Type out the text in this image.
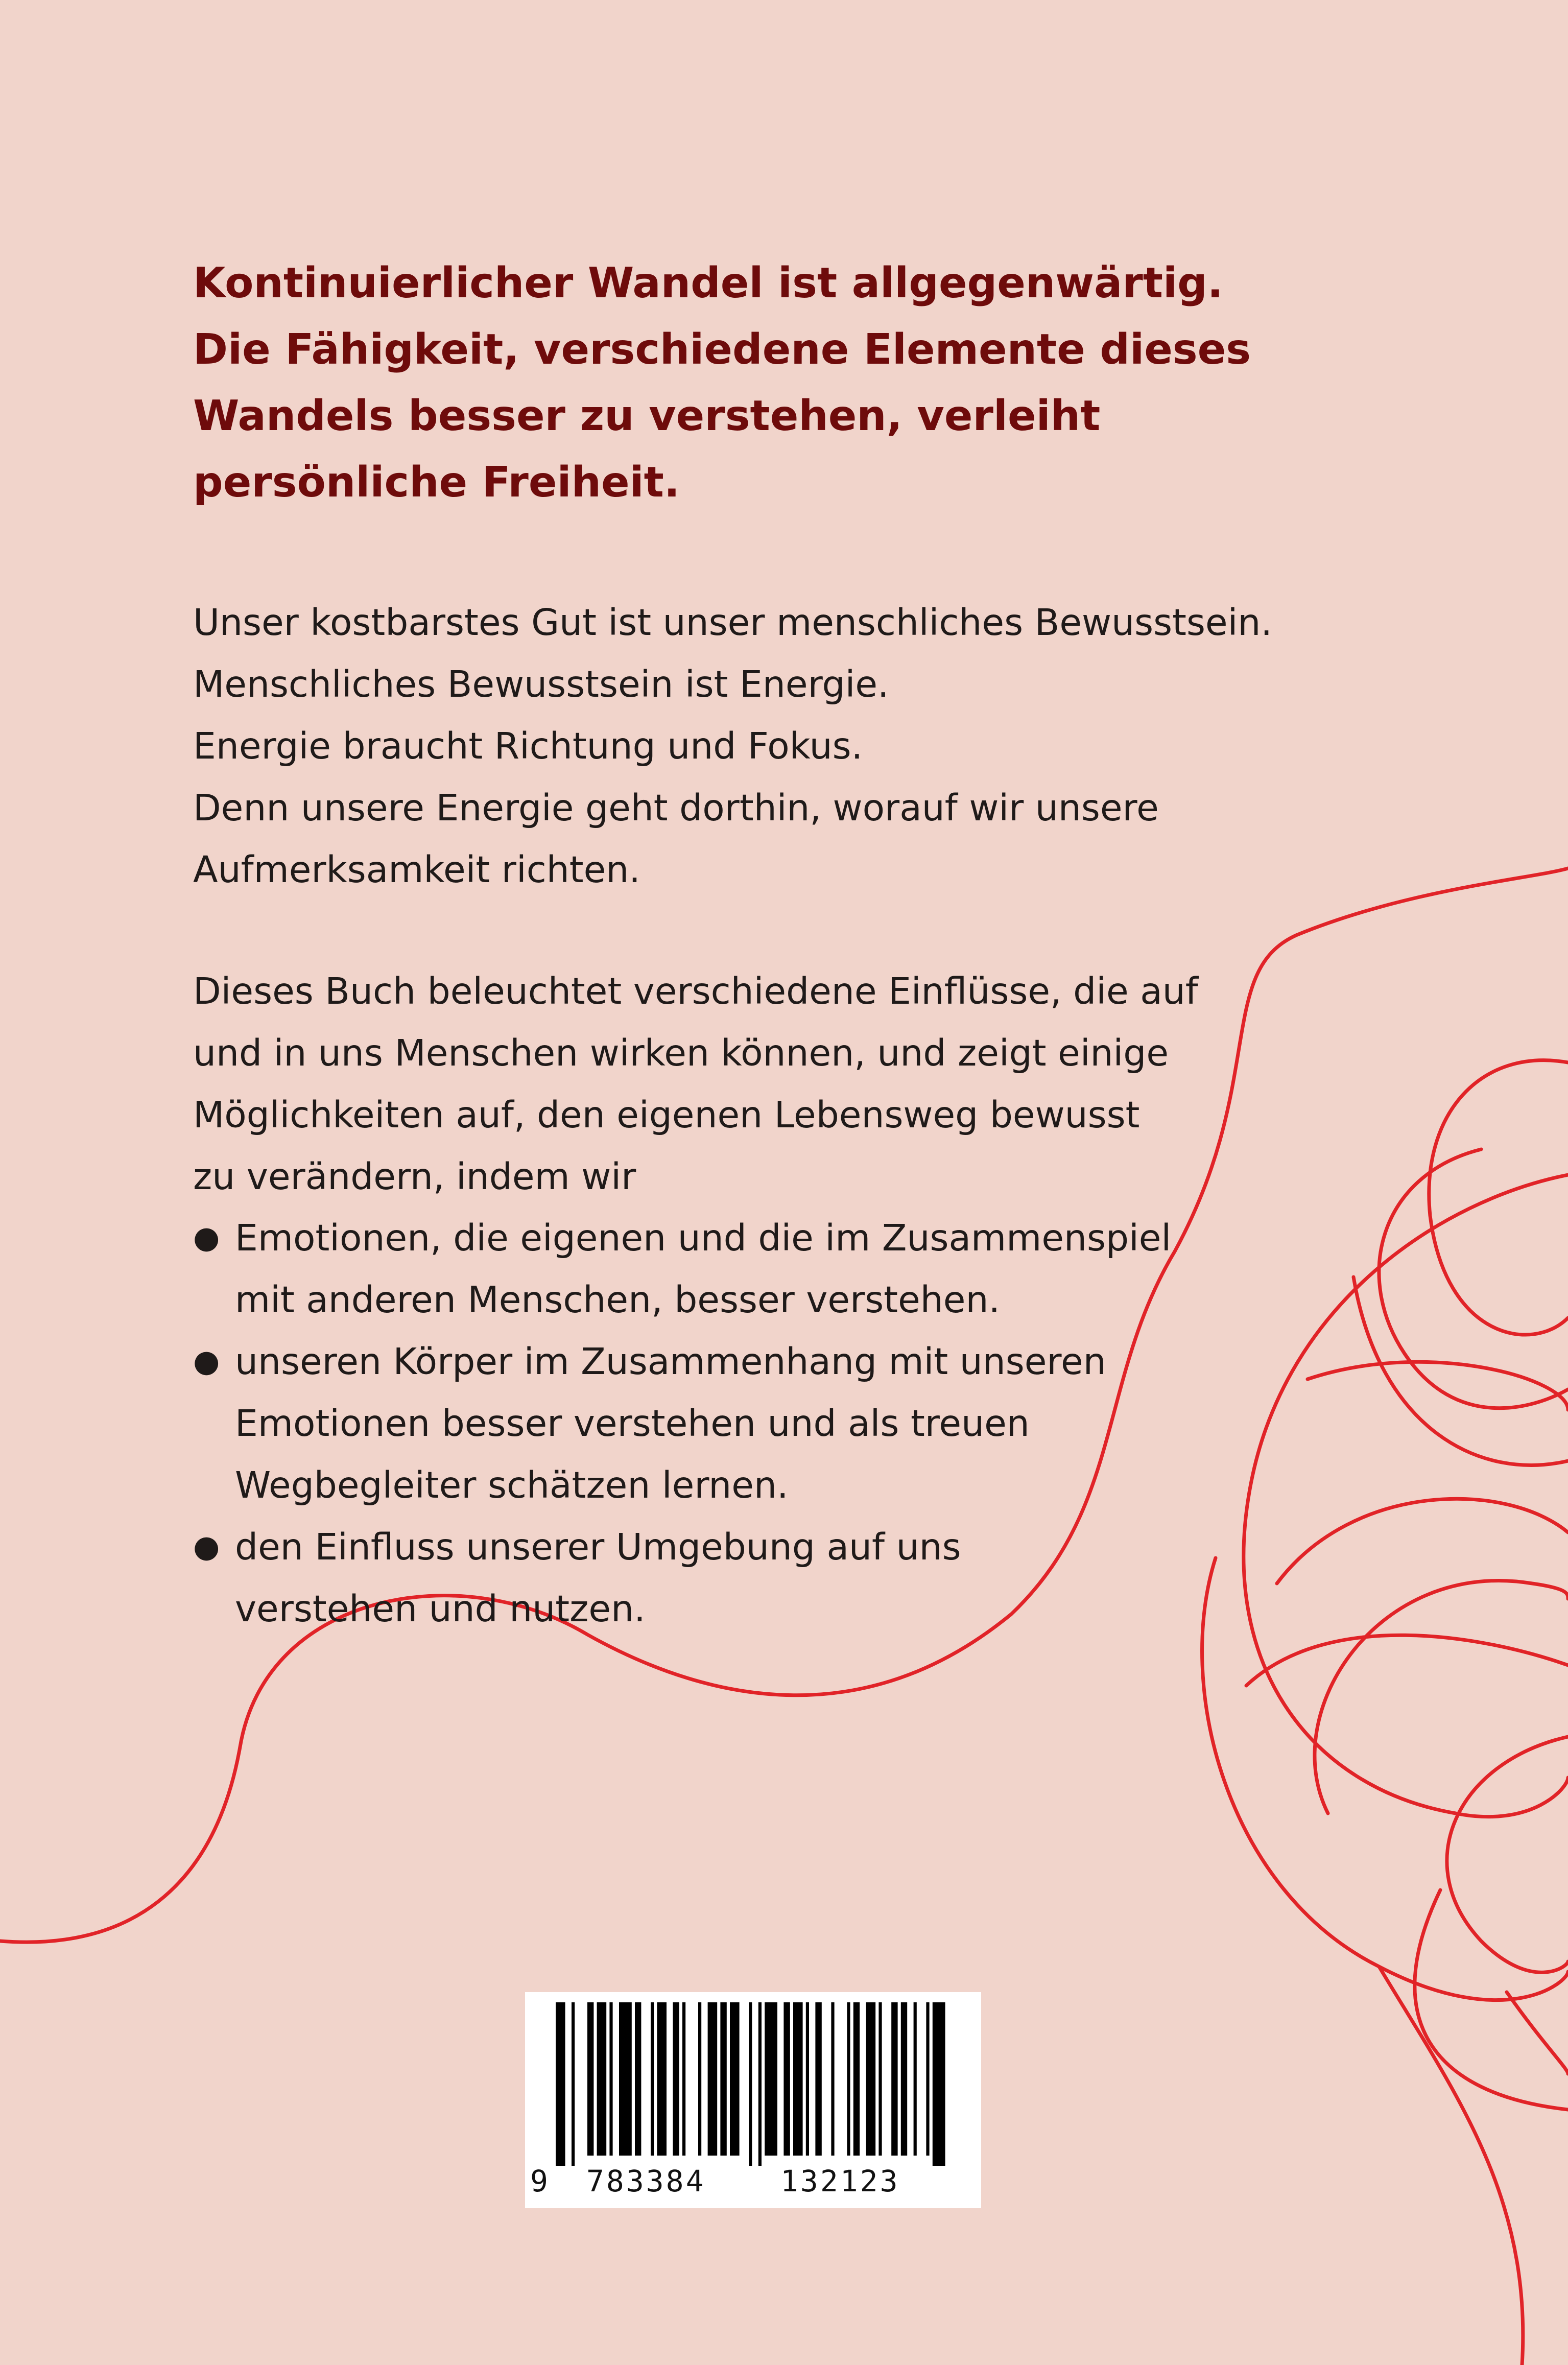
Kontinuierlicher Wandel ist allgegenwärtig.
Die Fähigkeit, verschiedene Elemente dieses
Wandels besser zu verstehen, verleiht
persönliche Freiheit.
Unser kostbarstes Gut ist unser menschliches Bewusstsein.
Menschliches Bewusstsein ist Energie.
Energie braucht Richtung und Fokus.
Denn unsere Energie geht dorthin, worauf wir unsere
Aufmerksamkeit richten.
Dieses Buch beleuchtet verschiedene Einflüsse, die auf
und in uns Menschen wirken können, und zeigt einige
Möglichkeiten auf, den eigenen Lebensweg bewusst
zu verändern, indem wir
● Emotionen, die eigenen und die im Zusammenspiel
mit anderen Menschen, besser verstehen.
● unseren Körper im Zusammenhang mit unseren
Emotionen besser verstehen und als treuen
Wegbegleiter schätzen lernen.
● den Einfluss unserer Umgebung auf uns
verstehen und nutzen.
9 783384	132123
